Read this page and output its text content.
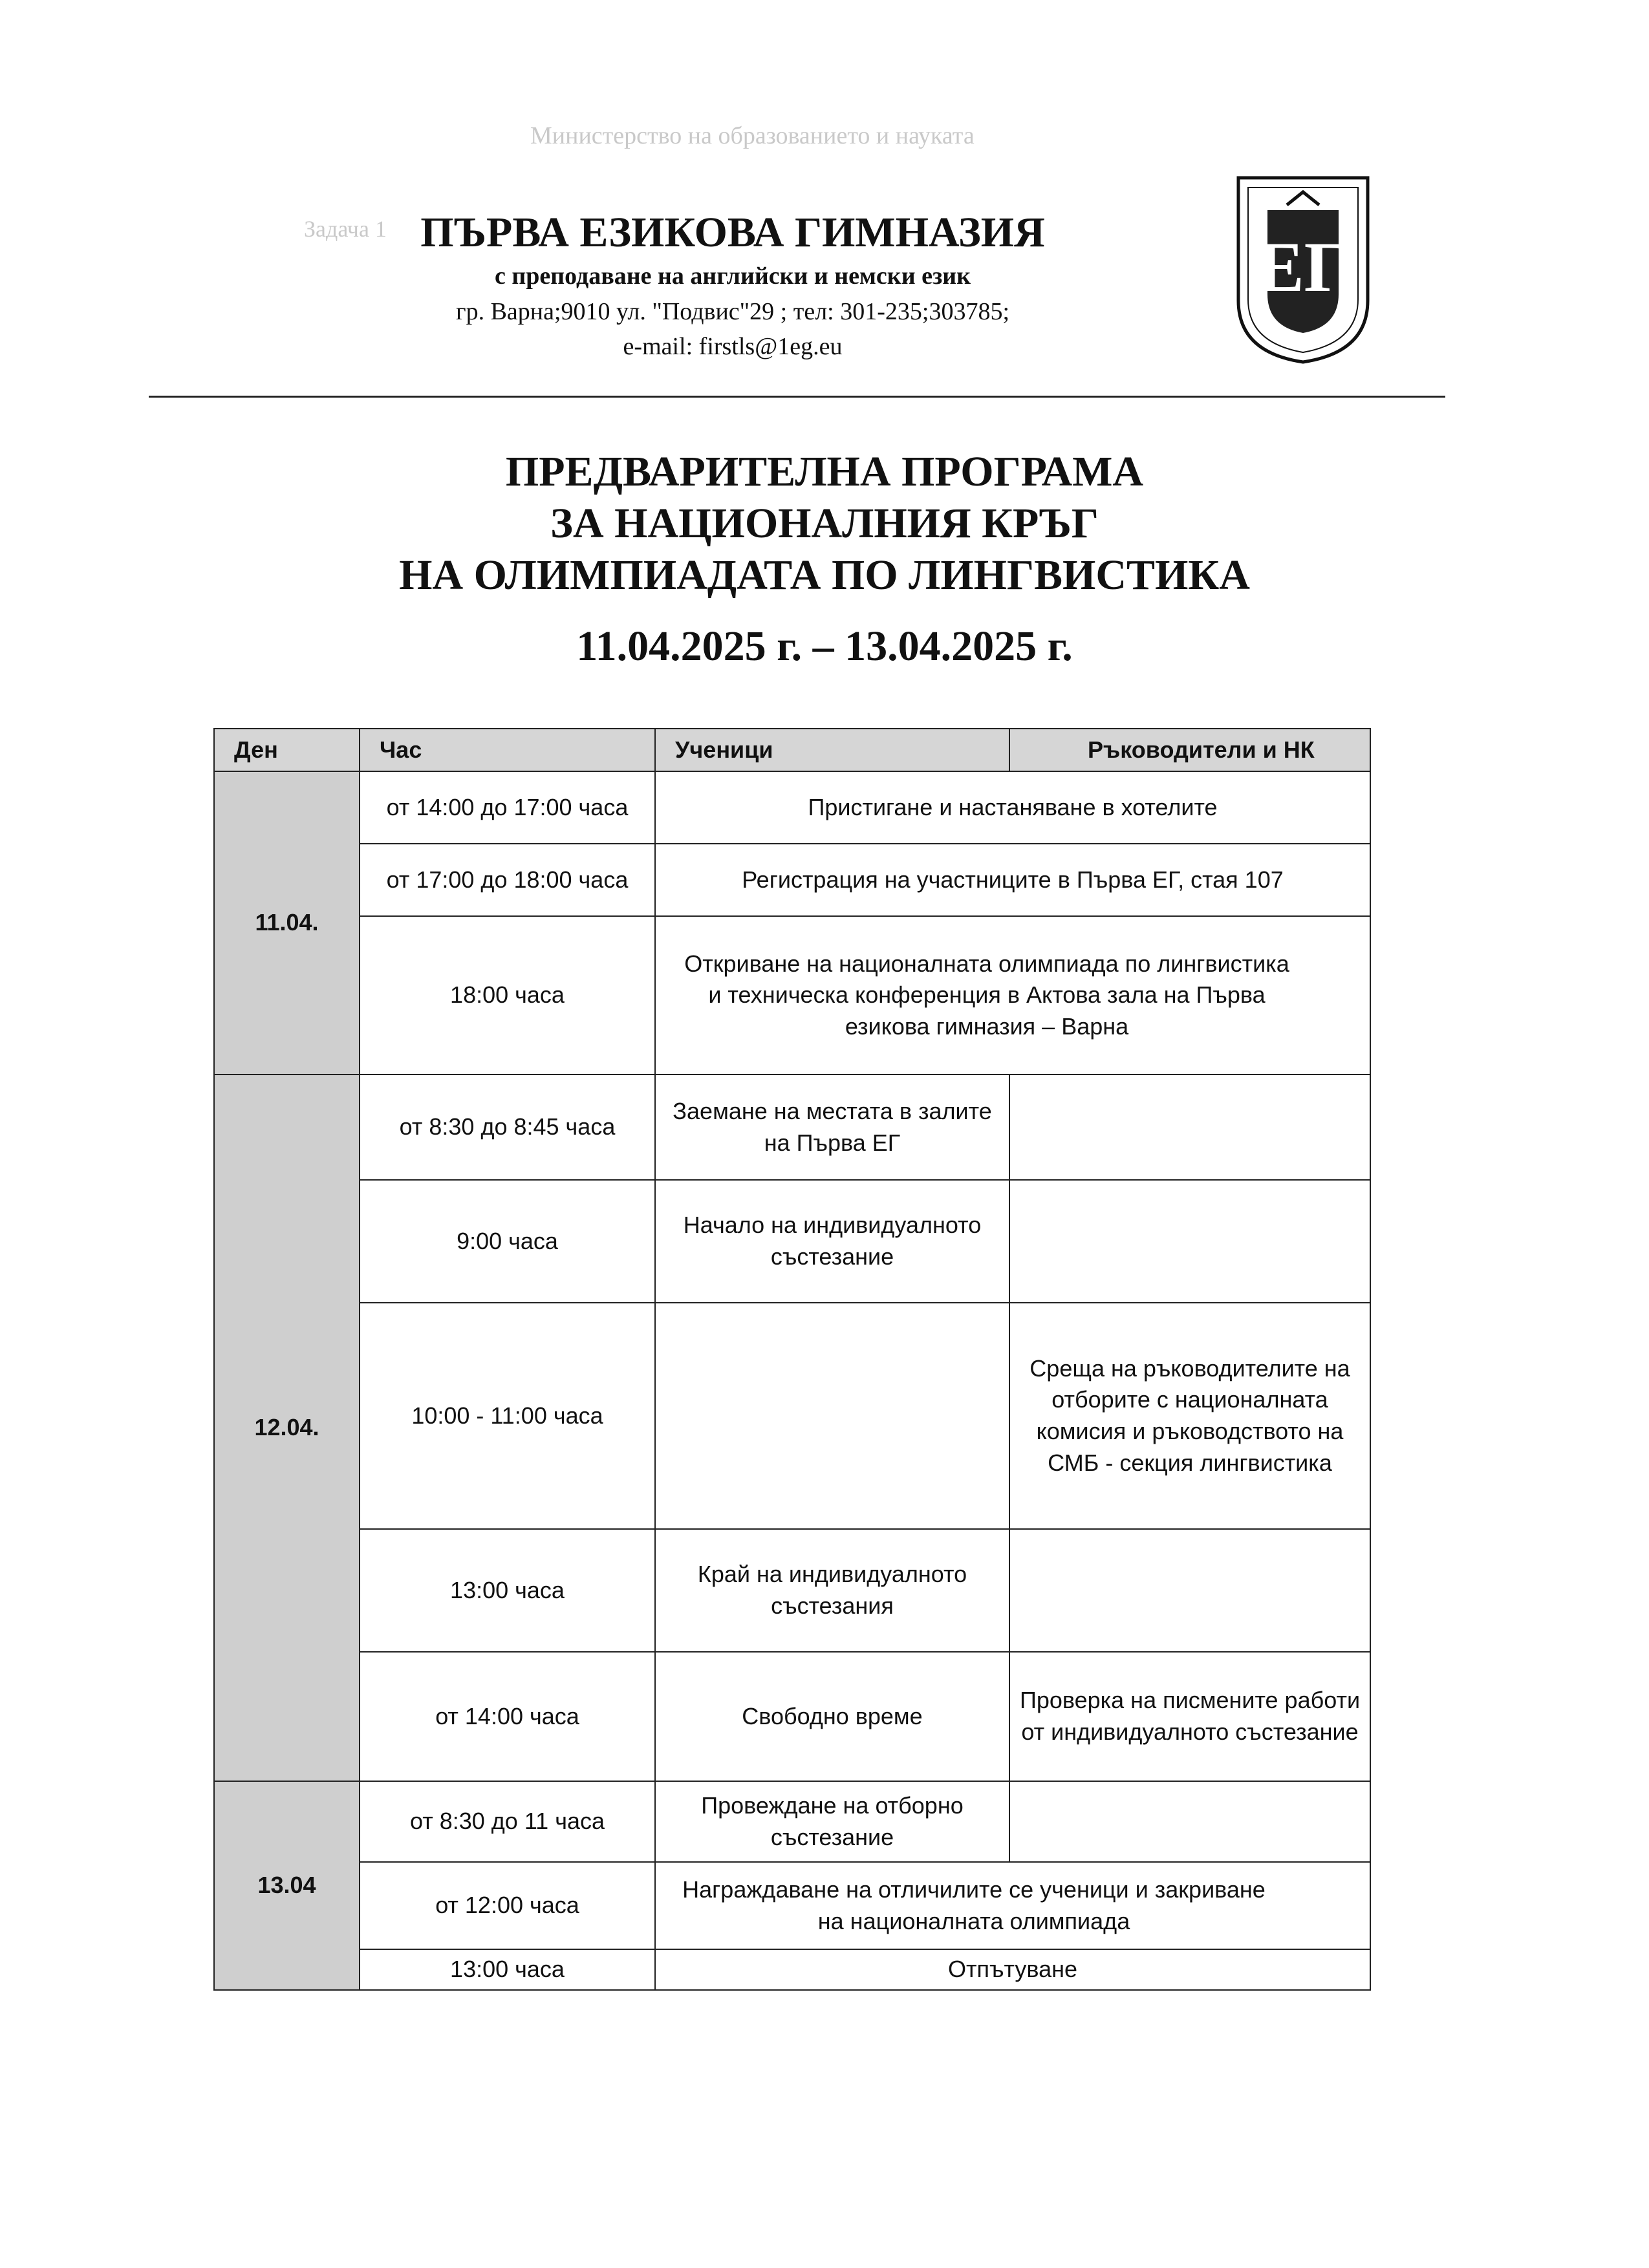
Министерство на образованието и науката
Задача 1 ПЪРВА ЕЗИКОВА ГИМНАЗИЯ
с преподаване на английски и немски език
гр. Варна;9010 ул. "Подвис"29 ; тел: 301-235;303785;
e-mail: firstls@1eg.eu
ЕГ
ПРЕДВАРИТЕЛНА ПРОГРАМА
ЗА НАЦИОНАЛНИЯ КРЪГ
НА ОЛИМПИАДАТА ПО ЛИНГВИСТИКА
11.04.2025 г. – 13.04.2025 г.
Ден	Час	Ученици	Ръководители и НК
11.04.	от 14:00 до 17:00 часа	Пристигане и настаняване в хотелите	
	от 17:00 до 18:00 часа	Регистрация на участниците в Първа ЕГ, стая 107	
	18:00 часа	Откриване на националната олимпиада по лингвистика и техническа конференция в Актова зала на Първа езикова гимназия – Варна	
12.04.	от 8:30 до 8:45 часа	Заемане на местата в залите на Първа ЕГ	
	9:00 часа	Начало на индивидуалното състезание	
	10:00 - 11:00 часа		Среща на ръководителите на отборите с националната комисия и ръководството на СМБ - секция лингвистика
	13:00 часа	Край на индивидуалното състезания	
	от 14:00 часа	Свободно време	Проверка на писмените работи от индивидуалното състезание
13.04	от 8:30 до 11 часа	Провеждане на отборно състезание	
	от 12:00 часа	Награждаване на отличилите се ученици и закриване на националната олимпиада	
	13:00 часа	Отпътуване	
